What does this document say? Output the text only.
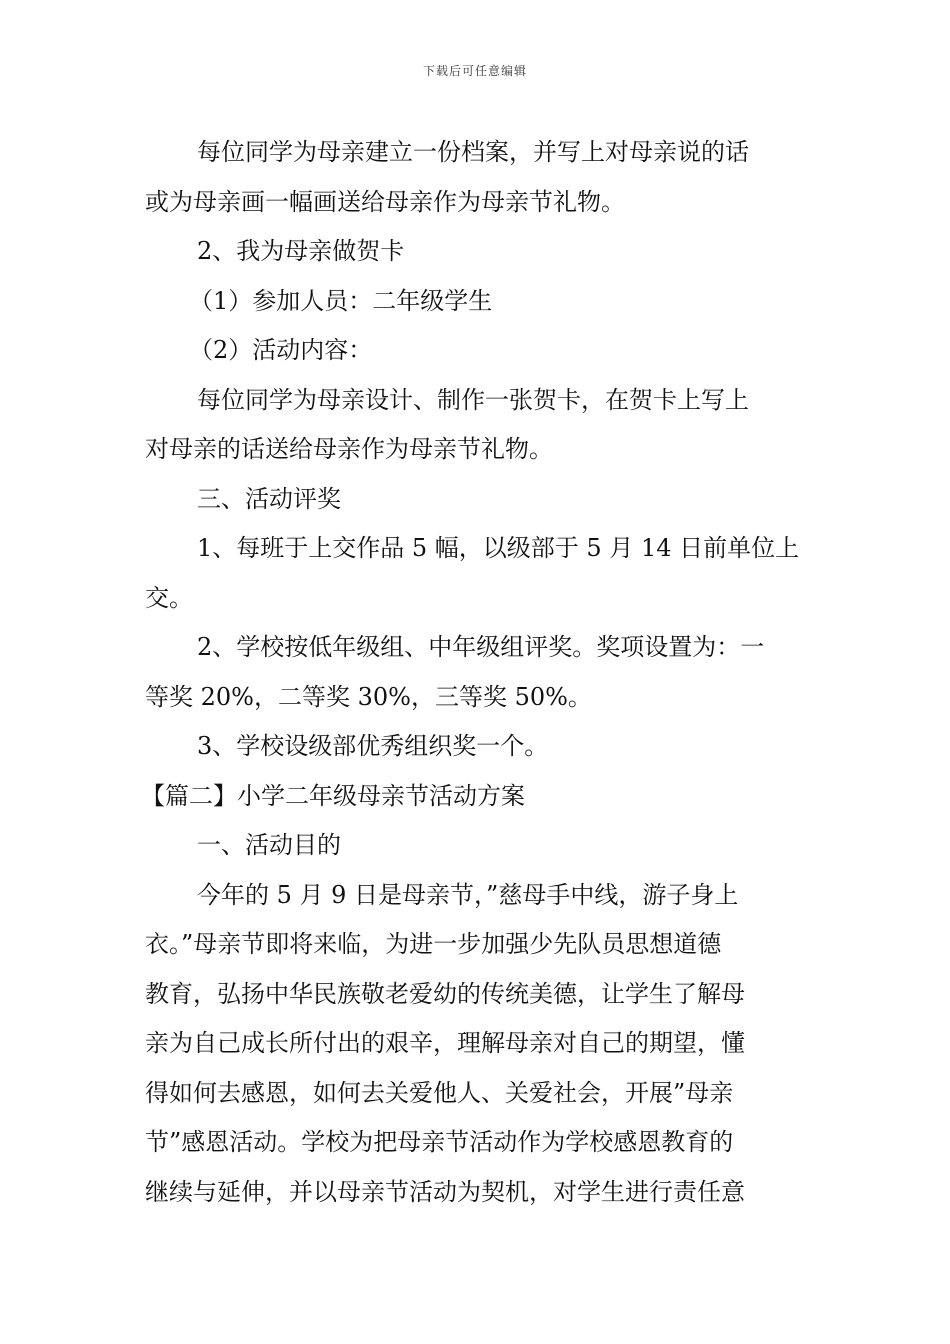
下载后可任意编辑
每位同学为母亲建立一份档案，并写上对母亲说的话
或为母亲画一幅画送给母亲作为母亲节礼物。
2、我为母亲做贺卡
（1）参加人员：二年级学生
（2）活动内容：
每位同学为母亲设计、制作一张贺卡，在贺卡上写上
对母亲的话送给母亲作为母亲节礼物。
三、活动评奖
1、每班于上交作品 5 幅，以级部于 5 月 14 日前单位上
交。
2、学校按低年级组、中年级组评奖。奖项设置为：一
等奖 20%，二等奖 30%，三等奖 50%。
3、学校设级部优秀组织奖一个。
【篇二】小学二年级母亲节活动方案
一、活动目的
今年的 5 月 9 日是母亲节，”慈母手中线，游子身上
衣。”母亲节即将来临，为进一步加强少先队员思想道德
教育，弘扬中华民族敬老爱幼的传统美德，让学生了解母
亲为自己成长所付出的艰辛，理解母亲对自己的期望，懂
得如何去感恩，如何去关爱他人、关爱社会，开展”母亲
节”感恩活动。学校为把母亲节活动作为学校感恩教育的
继续与延伸，并以母亲节活动为契机，对学生进行责任意
